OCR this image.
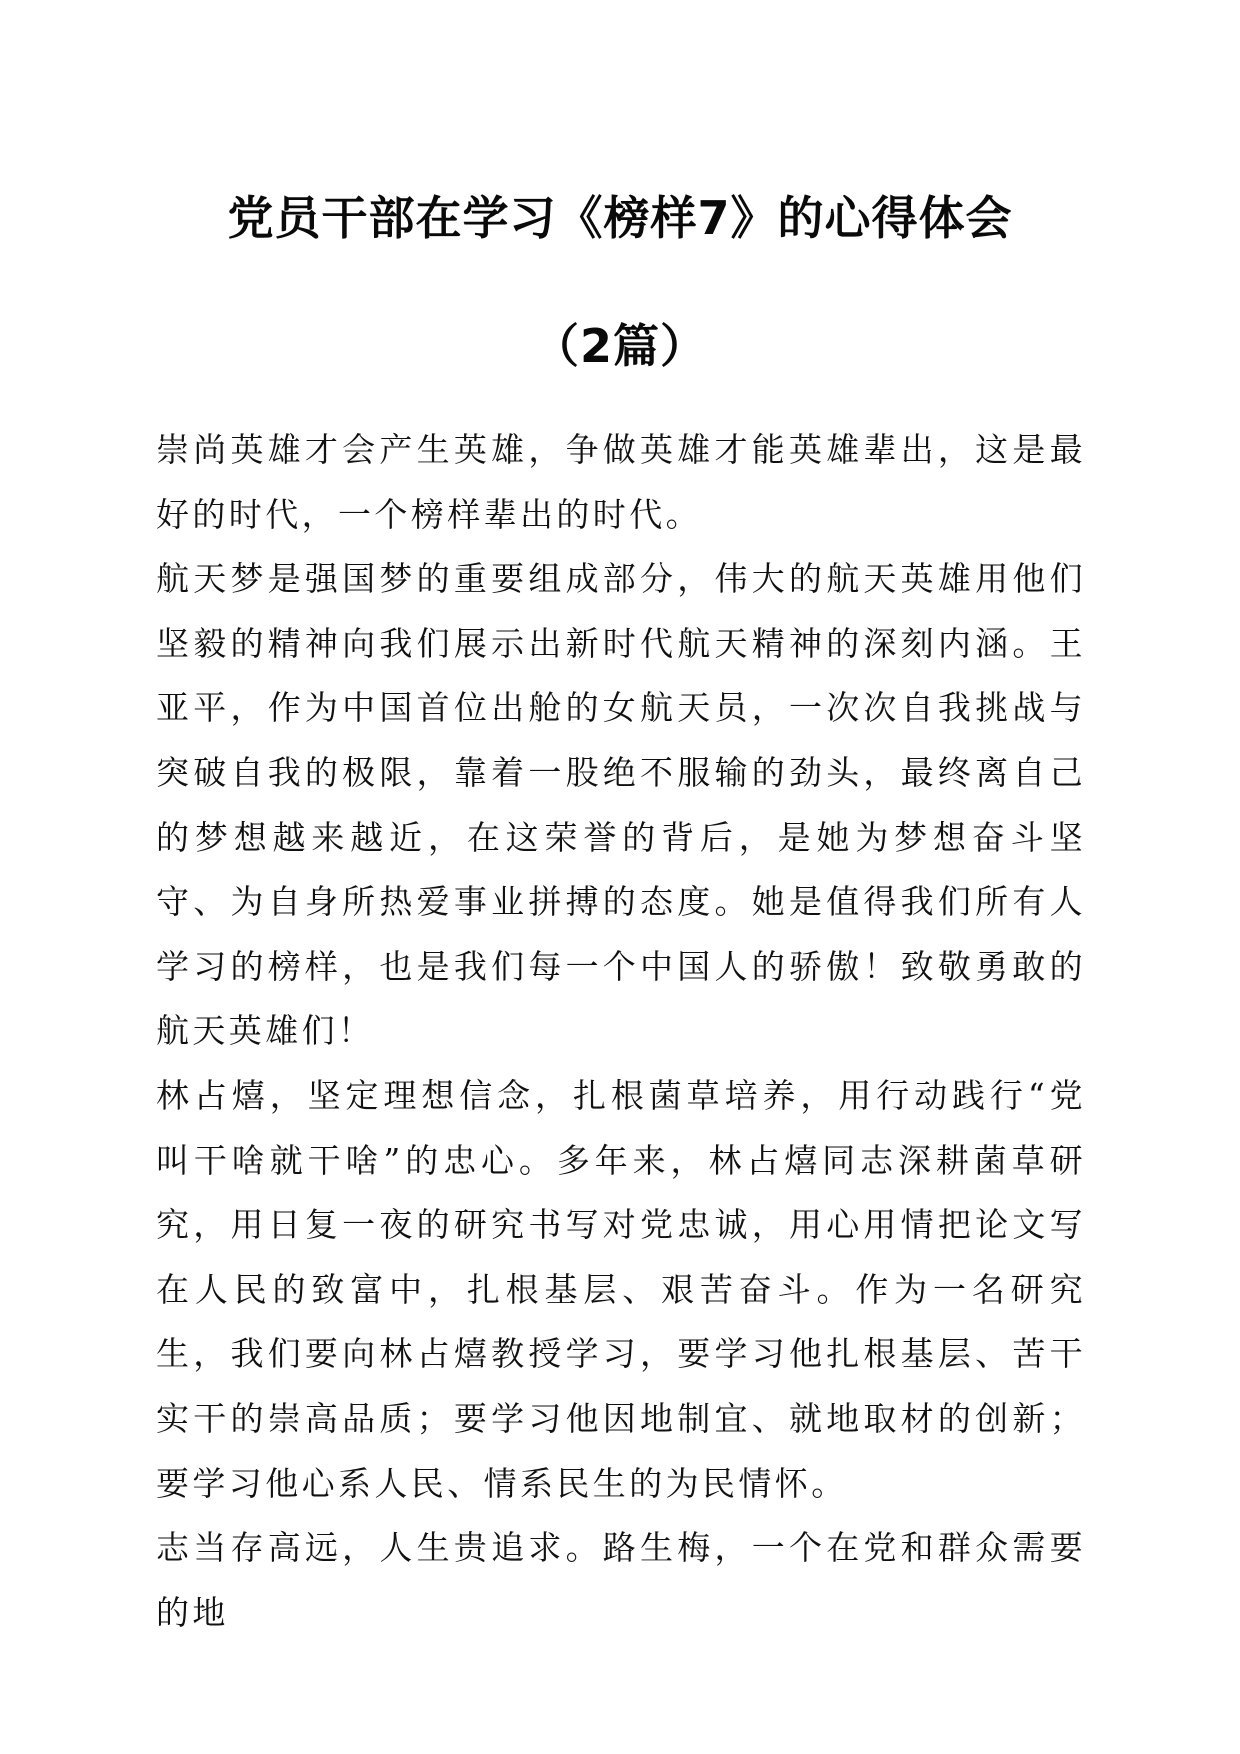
党员干部在学习《榜样7》的心得体会
（2篇）

崇尚英雄才会产生英雄，争做英雄才能英雄辈出，这是最好的时代，一个榜样辈出的时代。

航天梦是强国梦的重要组成部分，伟大的航天英雄用他们坚毅的精神向我们展示出新时代航天精神的深刻内涵。王亚平，作为中国首位出舱的女航天员，一次次自我挑战与突破自我的极限，靠着一股绝不服输的劲头，最终离自己的梦想越来越近，在这荣誉的背后，是她为梦想奋斗坚守、为自身所热爱事业拼搏的态度。她是值得我们所有人学习的榜样，也是我们每一个中国人的骄傲！致敬勇敢的航天英雄们！

林占熺，坚定理想信念，扎根菌草培养，用行动践行“党叫干啥就干啥”的忠心。多年来，林占熺同志深耕菌草研究，用日复一夜的研究书写对党忠诚，用心用情把论文写在人民的致富中，扎根基层、艰苦奋斗。作为一名研究生，我们要向林占熺教授学习，要学习他扎根基层、苦干实干的崇高品质；要学习他因地制宜、就地取材的创新；要学习他心系人民、情系民生的为民情怀。

志当存高远，人生贵追求。路生梅，一个在党和群众需要的地
